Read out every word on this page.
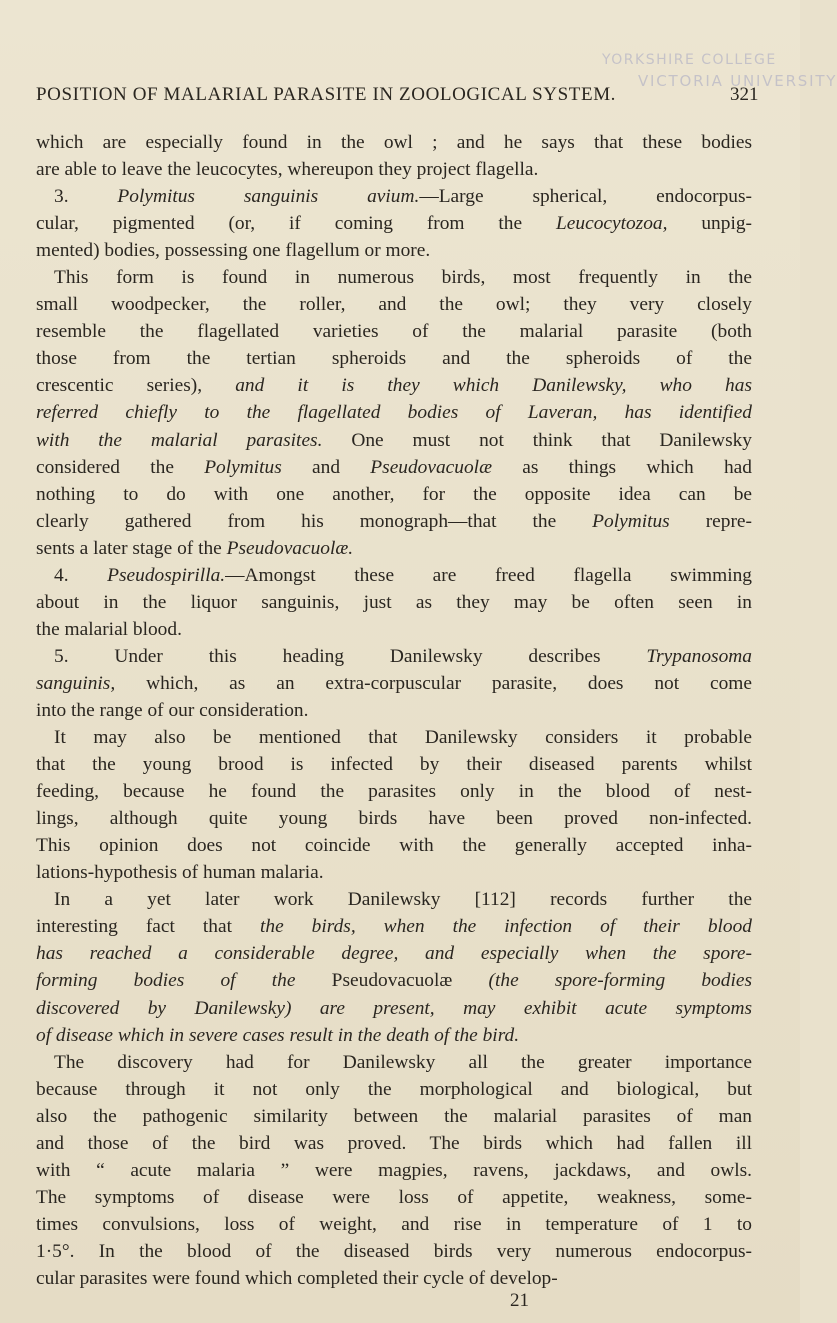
YORKSHIRE COLLEGE
VICTORIA UNIVERSITY
POSITION OF MALARIAL PARASITE IN ZOOLOGICAL SYSTEM.	321
which are especially found in the owl ; and he says that these bodies
are able to leave the leucocytes, whereupon they project flagella.
3. Polymitus sanguinis avium.—Large spherical, endocorpus-
cular, pigmented (or, if coming from the Leucocytozoa, unpig-
mented) bodies, possessing one flagellum or more.
This form is found in numerous birds, most frequently in the
small woodpecker, the roller, and the owl; they very closely
resemble the flagellated varieties of the malarial parasite (both
those from the tertian spheroids and the spheroids of the
crescentic series), and it is they which Danilewsky, who has
referred chiefly to the flagellated bodies of Laveran, has identified
with the malarial parasites. One must not think that Danilewsky
considered the Polymitus and Pseudovacuolæ as things which had
nothing to do with one another, for the opposite idea can be
clearly gathered from his monograph—that the Polymitus repre-
sents a later stage of the Pseudovacuolæ.
4. Pseudospirilla.—Amongst these are freed flagella swimming
about in the liquor sanguinis, just as they may be often seen in
the malarial blood.
5. Under this heading Danilewsky describes Trypanosoma
sanguinis, which, as an extra-corpuscular parasite, does not come
into the range of our consideration.
It may also be mentioned that Danilewsky considers it probable
that the young brood is infected by their diseased parents whilst
feeding, because he found the parasites only in the blood of nest-
lings, although quite young birds have been proved non-infected.
This opinion does not coincide with the generally accepted inha-
lations-hypothesis of human malaria.
In a yet later work Danilewsky [112] records further the
interesting fact that the birds, when the infection of their blood
has reached a considerable degree, and especially when the spore-
forming bodies of the Pseudovacuolæ (the spore-forming bodies
discovered by Danilewsky) are present, may exhibit acute symptoms
of disease which in severe cases result in the death of the bird.
The discovery had for Danilewsky all the greater importance
because through it not only the morphological and biological, but
also the pathogenic similarity between the malarial parasites of man
and those of the bird was proved. The birds which had fallen ill
with “ acute malaria ” were magpies, ravens, jackdaws, and owls.
The symptoms of disease were loss of appetite, weakness, some-
times convulsions, loss of weight, and rise in temperature of 1 to
1·5°. In the blood of the diseased birds very numerous endocorpus-
cular parasites were found which completed their cycle of develop-
21
